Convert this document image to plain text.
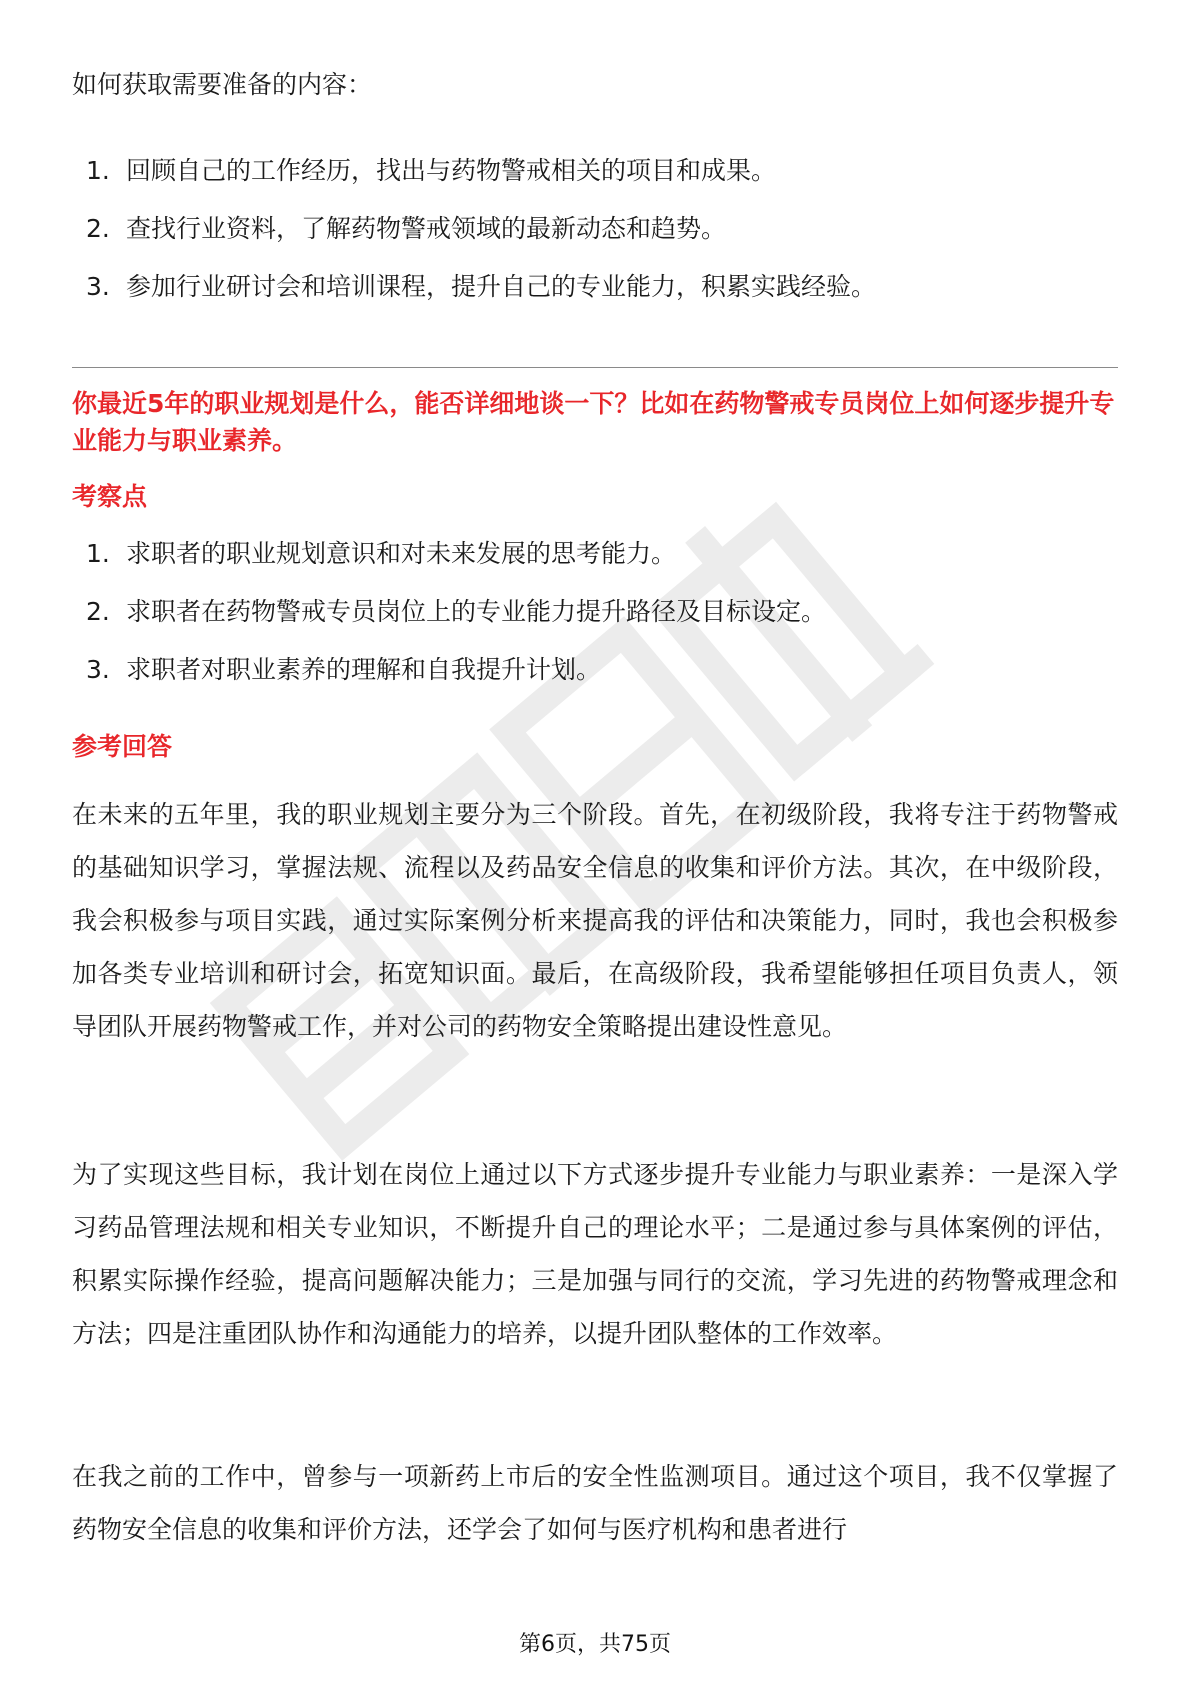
如何获取需要准备的内容：

1. 回顾自己的工作经历，找出与药物警戒相关的项目和成果。
2. 查找行业资料，了解药物警戒领域的最新动态和趋势。
3. 参加行业研讨会和培训课程，提升自己的专业能力，积累实践经验。

你最近5年的职业规划是什么，能否详细地谈一下？比如在药物警戒专员岗位上如何逐步提升专业能力与职业素养。

考察点

1. 求职者的职业规划意识和对未来发展的思考能力。
2. 求职者在药物警戒专员岗位上的专业能力提升路径及目标设定。
3. 求职者对职业素养的理解和自我提升计划。

参考回答

在未来的五年里，我的职业规划主要分为三个阶段。首先，在初级阶段，我将专注于药物警戒的基础知识学习，掌握法规、流程以及药品安全信息的收集和评价方法。其次，在中级阶段，我会积极参与项目实践，通过实际案例分析来提高我的评估和决策能力，同时，我也会积极参加各类专业培训和研讨会，拓宽知识面。最后，在高级阶段，我希望能够担任项目负责人，领导团队开展药物警戒工作，并对公司的药物安全策略提出建设性意见。

为了实现这些目标，我计划在岗位上通过以下方式逐步提升专业能力与职业素养：一是深入学习药品管理法规和相关专业知识，不断提升自己的理论水平；二是通过参与具体案例的评估，积累实际操作经验，提高问题解决能力；三是加强与同行的交流，学习先进的药物警戒理念和方法；四是注重团队协作和沟通能力的培养，以提升团队整体的工作效率。

在我之前的工作中，曾参与一项新药上市后的安全性监测项目。通过这个项目，我不仅掌握了药物安全信息的收集和评价方法，还学会了如何与医疗机构和患者进行

第6页，共75页
